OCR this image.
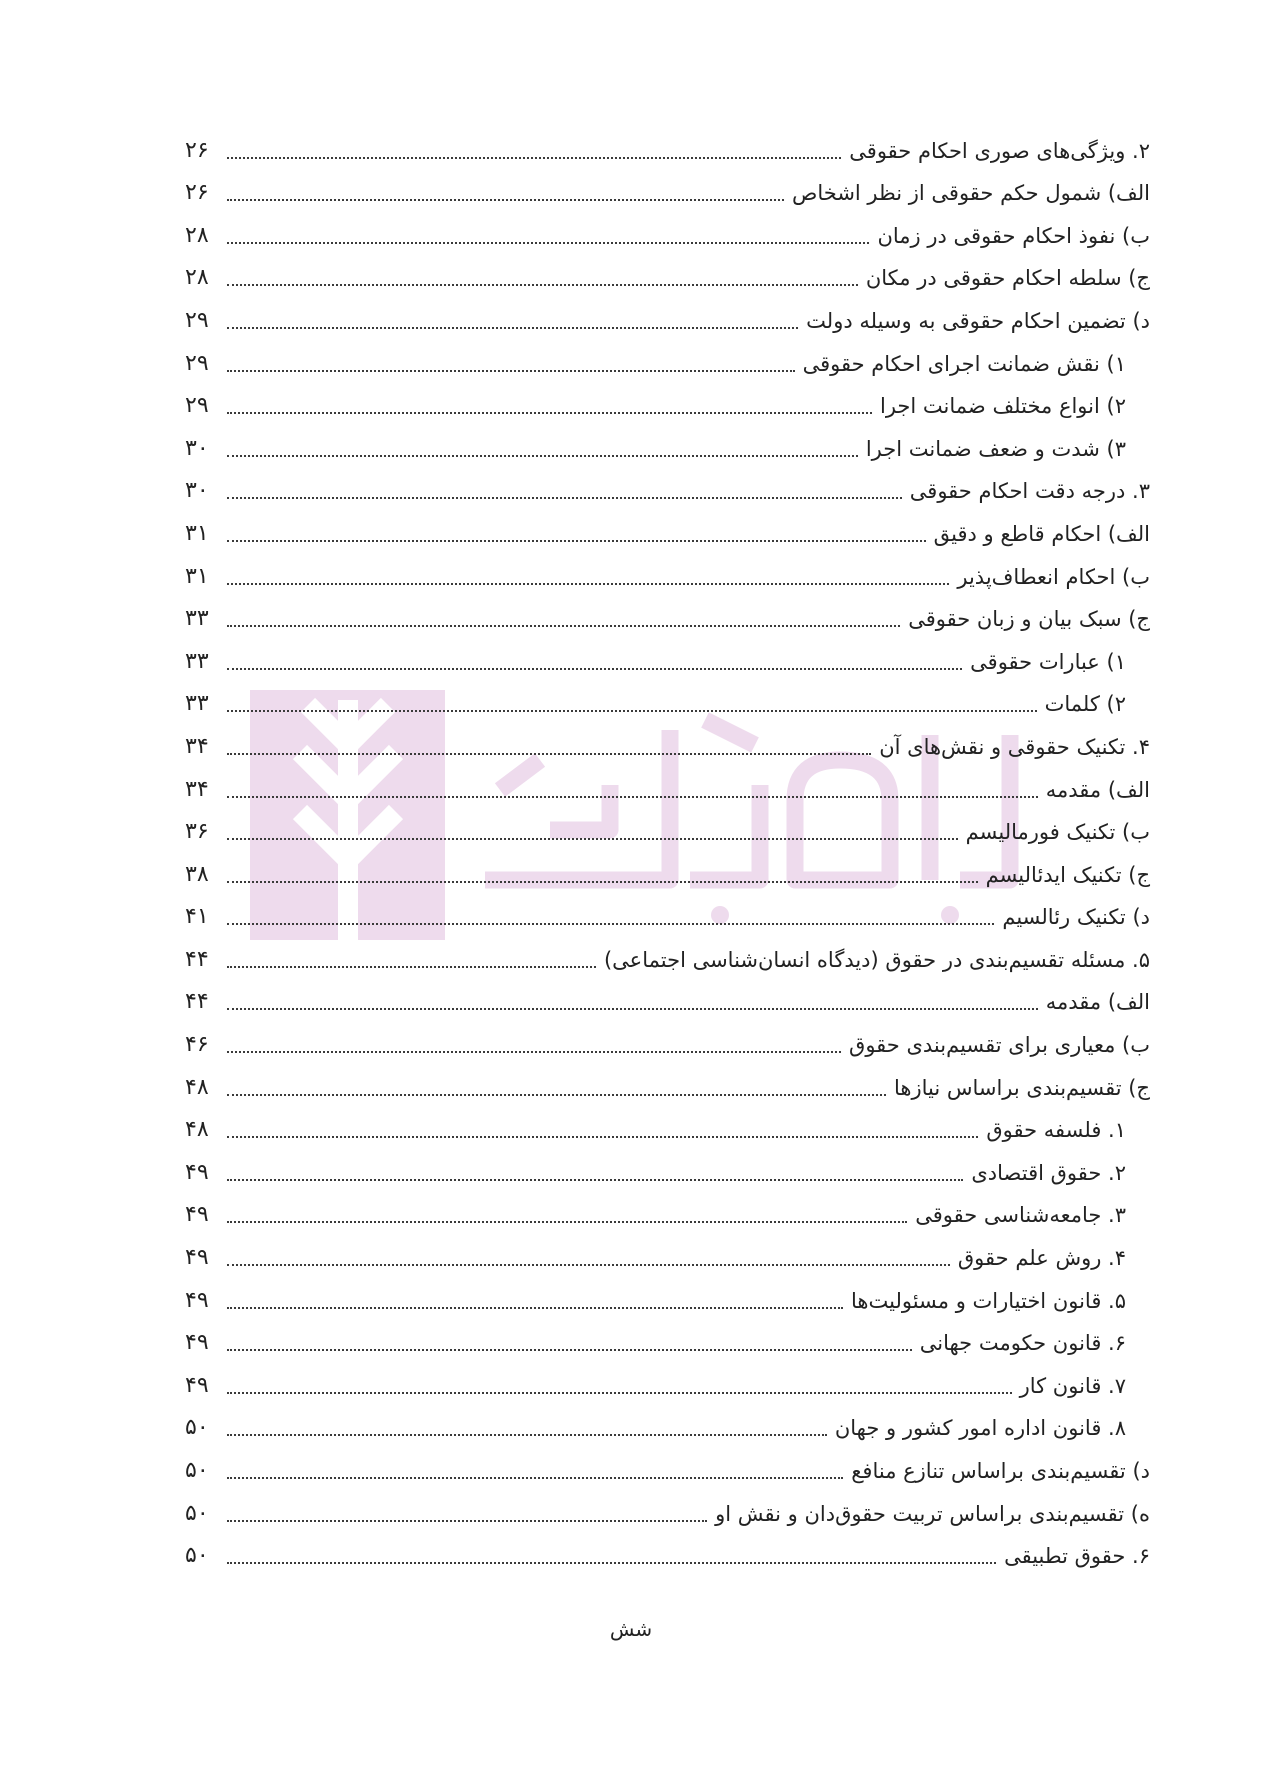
۲. ویژگی‌های صوری احکام حقوقی
۲۶
الف) شمول حکم حقوقی از نظر اشخاص
۲۶
ب) نفوذ احکام حقوقی در زمان
۲۸
ج) سلطه احکام حقوقی در مکان
۲۸
د) تضمین احکام حقوقی به وسیله دولت
۲۹
۱) نقش ضمانت اجرای احکام حقوقی
۲۹
۲) انواع مختلف ضمانت اجرا
۲۹
۳) شدت و ضعف ضمانت اجرا
۳۰
۳. درجه دقت احکام حقوقی
۳۰
الف) احکام قاطع و دقیق
۳۱
ب) احکام انعطاف‌پذیر
۳۱
ج) سبک بیان و زبان حقوقی
۳۳
۱) عبارات حقوقی
۳۳
۲) کلمات
۳۳
۴. تکنیک حقوقی و نقش‌های آن
۳۴
الف) مقدمه
۳۴
ب) تکنیک فورمالیسم
۳۶
ج) تکنیک ایدئالیسم
۳۸
د) تکنیک رئالسیم
۴۱
۵. مسئله تقسیم‌بندی در حقوق (دیدگاه انسان‌شناسی اجتماعی)
۴۴
الف) مقدمه
۴۴
ب) معیاری برای تقسیم‌بندی حقوق
۴۶
ج) تقسیم‌بندی براساس نیازها
۴۸
۱. فلسفه حقوق
۴۸
۲. حقوق اقتصادی
۴۹
۳. جامعه‌شناسی حقوقی
۴۹
۴. روش علم حقوق
۴۹
۵. قانون اختیارات و مسئولیت‌ها
۴۹
۶. قانون حکومت جهانی
۴۹
۷. قانون کار
۴۹
۸. قانون اداره امور کشور و جهان
۵۰
د) تقسیم‌بندی براساس تنازع منافع
۵۰
ه) تقسیم‌بندی براساس تربیت حقوق‌دان و نقش او
۵۰
۶. حقوق تطبیقی
۵۰
شش
